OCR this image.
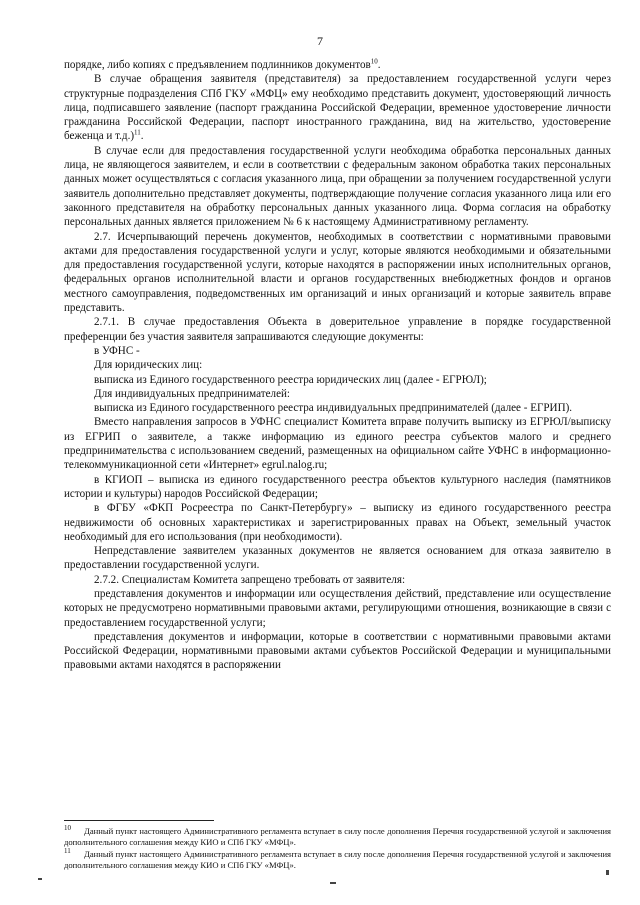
7

порядке, либо копиях с предъявлением подлинников документов$^{10}$.

В случае обращения заявителя (представителя) за предоставлением государственной услуги через структурные подразделения СПб ГКУ «МФЦ» ему необходимо представить документ, удостоверяющий личность лица, подписавшего заявление (паспорт гражданина Российской Федерации, временное удостоверение личности гражданина Российской Федерации, паспорт иностранного гражданина, вид на жительство, удостоверение беженца и т.д.)$^{11}$.

В случае если для предоставления государственной услуги необходима обработка персональных данных лица, не являющегося заявителем, и если в соответствии с федеральным законом обработка таких персональных данных может осуществляться с согласия указанного лица, при обращении за получением государственной услуги заявитель дополнительно представляет документы, подтверждающие получение согласия указанного лица или его законного представителя на обработку персональных данных указанного лица. Форма согласия на обработку персональных данных является приложением № 6 к настоящему Административному регламенту.

2.7. Исчерпывающий перечень документов, необходимых в соответствии с нормативными правовыми актами для предоставления государственной услуги и услуг, которые являются необходимыми и обязательными для предоставления государственной услуги, которые находятся в распоряжении иных исполнительных органов, федеральных органов исполнительной власти и органов государственных внебюджетных фондов и органов местного самоуправления, подведомственных им организаций и иных организаций и которые заявитель вправе представить.

2.7.1. В случае предоставления Объекта в доверительное управление в порядке государственной преференции без участия заявителя запрашиваются следующие документы:

в УФНС -

Для юридических лиц:

выписка из Единого государственного реестра юридических лиц (далее - ЕГРЮЛ);

Для индивидуальных предпринимателей:

выписка из Единого государственного реестра индивидуальных предпринимателей (далее - ЕГРИП).

Вместо направления запросов в УФНС специалист Комитета вправе получить выписку из ЕГРЮЛ/выписку из ЕГРИП о заявителе, а также информацию из единого реестра субъектов малого и среднего предпринимательства с использованием сведений, размещенных на официальном сайте УФНС в информационно-телекоммуникационной сети «Интернет» egrul.nalog.ru;

в КГИОП – выписка из единого государственного реестра объектов культурного наследия (памятников истории и культуры) народов Российской Федерации;

в ФГБУ «ФКП Росреестра по Санкт-Петербургу» – выписку из единого государственного реестра недвижимости об основных характеристиках и зарегистрированных правах на Объект, земельный участок необходимый для его использования (при необходимости).

Непредставление заявителем указанных документов не является основанием для отказа заявителю в предоставлении государственной услуги.

2.7.2. Специалистам Комитета запрещено требовать от заявителя:

представления документов и информации или осуществления действий, представление или осуществление которых не предусмотрено нормативными правовыми актами, регулирующими отношения, возникающие в связи с предоставлением государственной услуги;

представления документов и информации, которые в соответствии с нормативными правовыми актами Российской Федерации, нормативными правовыми актами субъектов Российской Федерации и муниципальными правовыми актами находятся в распоряжении

$^{10}$ Данный пункт настоящего Административного регламента вступает в силу после дополнения Перечня государственной услугой и заключения дополнительного соглашения между КИО и СПб ГКУ «МФЦ».

$^{11}$ Данный пункт настоящего Административного регламента вступает в силу после дополнения Перечня государственной услугой и заключения дополнительного соглашения между КИО и СПб ГКУ «МФЦ».
